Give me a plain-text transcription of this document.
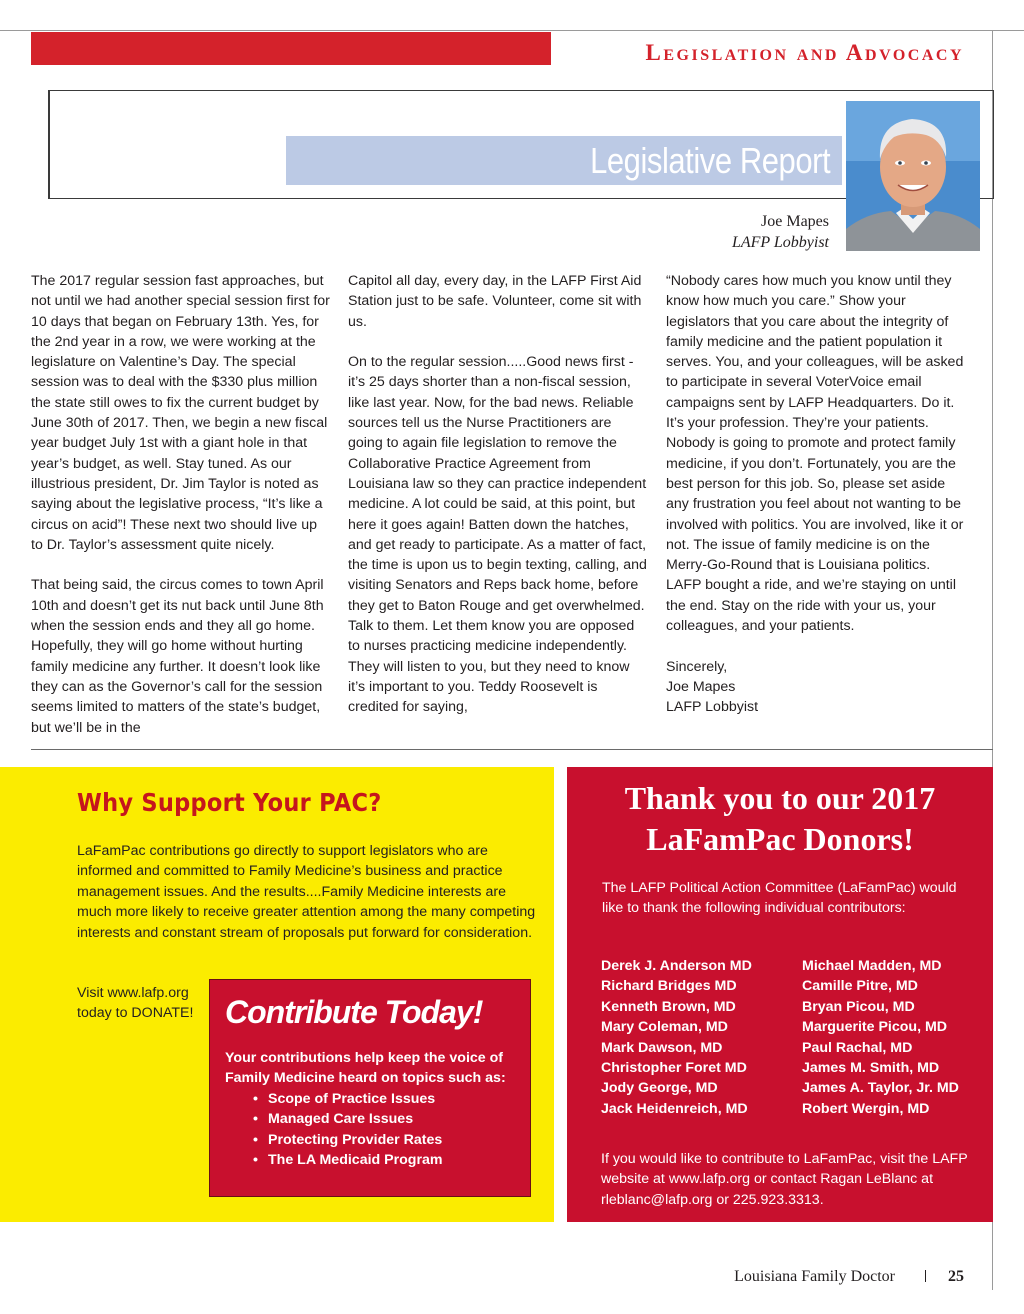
Legislation and Advocacy
Legislative Report
Joe Mapes
LAFP Lobbyist

The 2017 regular session fast approaches, but not until we had another special session first for 10 days that began on February 13th. Yes, for the 2nd year in a row, we were working at the legislature on Valentine’s Day. The special session was to deal with the $330 plus million the state still owes to fix the current budget by June 30th of 2017. Then, we begin a new fiscal year budget July 1st with a giant hole in that year’s budget, as well. Stay tuned. As our illustrious president, Dr. Jim Taylor is noted as saying about the legislative process, “It’s like a circus on acid”! These next two should live up to Dr. Taylor’s assessment quite nicely.

That being said, the circus comes to town April 10th and doesn’t get its nut back until June 8th when the session ends and they all go home. Hopefully, they will go home without hurting family medicine any further. It doesn’t look like they can as the Governor’s call for the session seems limited to matters of the state’s budget, but we’ll be in the

Capitol all day, every day, in the LAFP First Aid Station just to be safe. Volunteer, come sit with us.

On to the regular session.....Good news first - it’s 25 days shorter than a non-fiscal session, like last year. Now, for the bad news. Reliable sources tell us the Nurse Practitioners are going to again file legislation to remove the Collaborative Practice Agreement from Louisiana law so they can practice independent medicine. A lot could be said, at this point, but here it goes again! Batten down the hatches, and get ready to participate. As a matter of fact, the time is upon us to begin texting, calling, and visiting Senators and Reps back home, before they get to Baton Rouge and get overwhelmed. Talk to them. Let them know you are opposed to nurses practicing medicine independently. They will listen to you, but they need to know it’s important to you. Teddy Roosevelt is credited for saying,

“Nobody cares how much you know until they know how much you care.” Show your legislators that you care about the integrity of family medicine and the patient population it serves. You, and your colleagues, will be asked to participate in several VoterVoice email campaigns sent by LAFP Headquarters. Do it. It’s your profession. They’re your patients. Nobody is going to promote and protect family medicine, if you don’t. Fortunately, you are the best person for this job. So, please set aside any frustration you feel about not wanting to be involved with politics. You are involved, like it or not. The issue of family medicine is on the Merry-Go-Round that is Louisiana politics. LAFP bought a ride, and we’re staying on until the end. Stay on the ride with your us, your colleagues, and your patients.

Sincerely,

Joe Mapes
LAFP Lobbyist
Why Support Your PAC?
LaFamPac contributions go directly to support legislators who are informed and committed to Family Medicine’s business and practice management issues. And the results....Family Medicine interests are much more likely to receive greater attention among the many competing interests and constant stream of proposals put forward for consideration.
Visit www.lafp.org today to DONATE! Contribute Today!
Your contributions help keep the voice of Family Medicine heard on topics such as:
• Scope of Practice Issues
• Managed Care Issues
• Protecting Provider Rates
• The LA Medicaid Program
Thank you to our 2017 LaFamPac Donors!
The LAFP Political Action Committee (LaFamPac) would like to thank the following individual contributors:
Derek J. Anderson MD
Richard Bridges MD
Kenneth Brown, MD
Mary Coleman, MD
Mark Dawson, MD
Christopher Foret MD
Jody George, MD
Jack Heidenreich, MD
Michael Madden, MD
Camille Pitre, MD
Bryan Picou, MD
Marguerite Picou, MD
Paul Rachal, MD
James M. Smith, MD
James A. Taylor, Jr. MD
Robert Wergin, MD
If you would like to contribute to LaFamPac, visit the LAFP website at www.lafp.org or contact Ragan LeBlanc at rleblanc@lafp.org or 225.923.3313.
Louisiana Family Doctor	25
